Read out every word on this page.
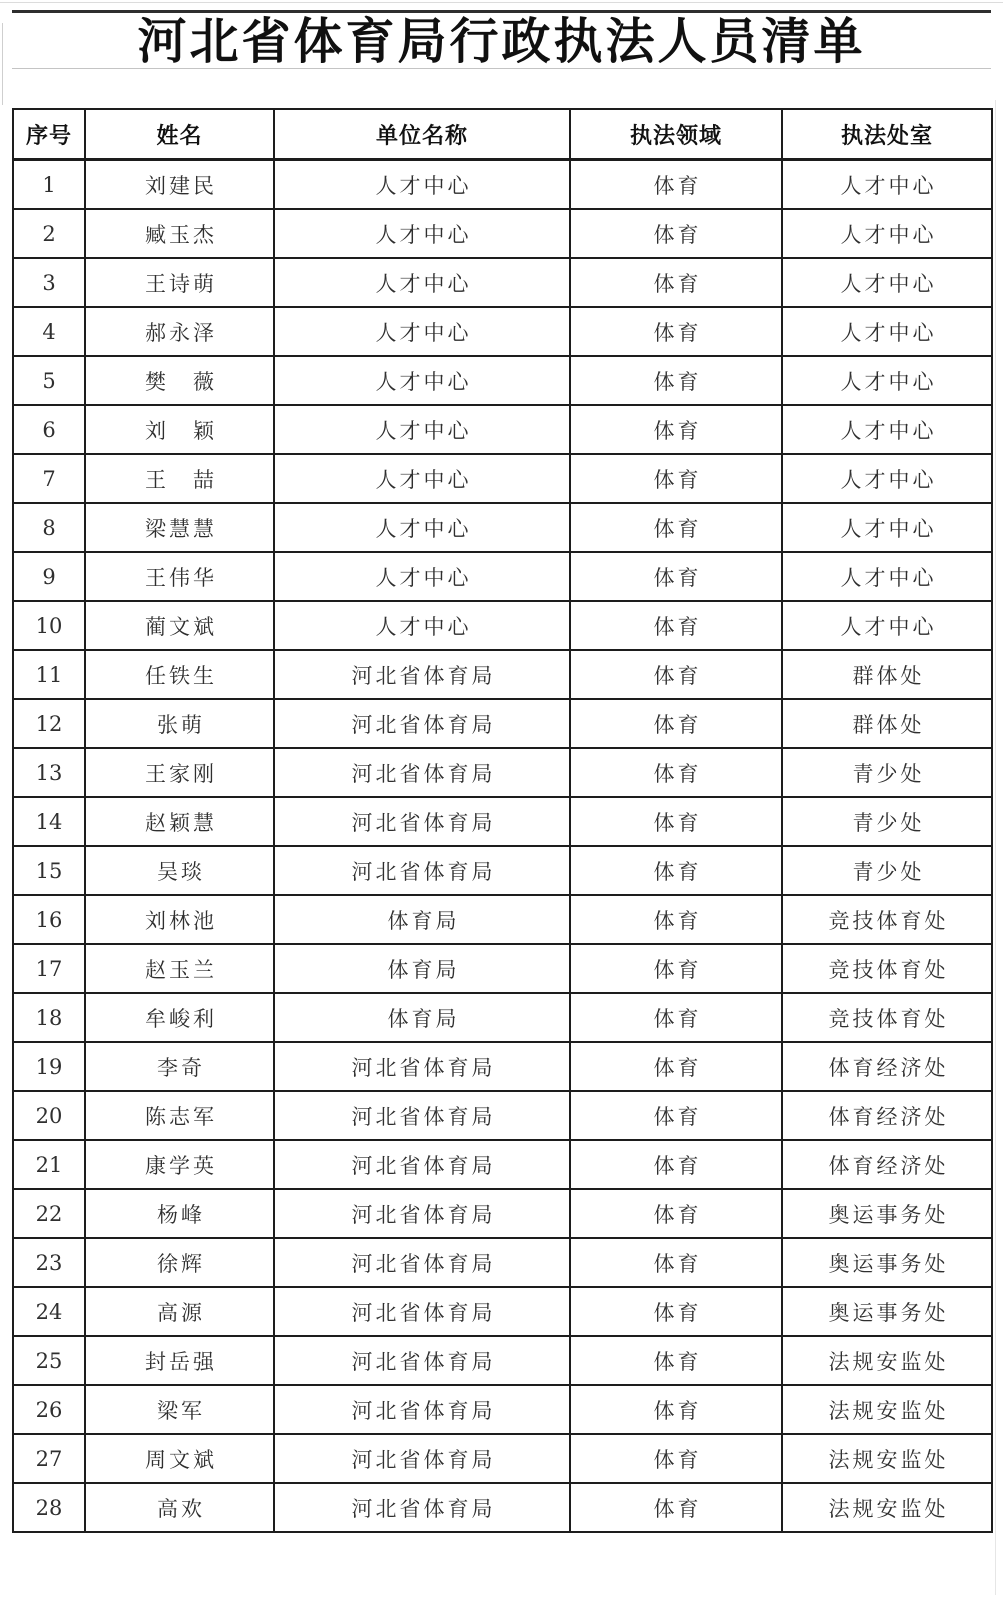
河北省体育局行政执法人员清单
序号	姓名	单位名称	执法领域	执法处室
1	刘建民	人才中心	体育	人才中心
2	臧玉杰	人才中心	体育	人才中心
3	王诗萌	人才中心	体育	人才中心
4	郝永泽	人才中心	体育	人才中心
5	樊　薇	人才中心	体育	人才中心
6	刘　颖	人才中心	体育	人才中心
7	王　喆	人才中心	体育	人才中心
8	梁慧慧	人才中心	体育	人才中心
9	王伟华	人才中心	体育	人才中心
10	蔺文斌	人才中心	体育	人才中心
11	任铁生	河北省体育局	体育	群体处
12	张萌	河北省体育局	体育	群体处
13	王家刚	河北省体育局	体育	青少处
14	赵颖慧	河北省体育局	体育	青少处
15	吴琰	河北省体育局	体育	青少处
16	刘林池	体育局	体育	竞技体育处
17	赵玉兰	体育局	体育	竞技体育处
18	牟峻利	体育局	体育	竞技体育处
19	李奇	河北省体育局	体育	体育经济处
20	陈志军	河北省体育局	体育	体育经济处
21	康学英	河北省体育局	体育	体育经济处
22	杨峰	河北省体育局	体育	奥运事务处
23	徐辉	河北省体育局	体育	奥运事务处
24	高源	河北省体育局	体育	奥运事务处
25	封岳强	河北省体育局	体育	法规安监处
26	梁军	河北省体育局	体育	法规安监处
27	周文斌	河北省体育局	体育	法规安监处
28	高欢	河北省体育局	体育	法规安监处
